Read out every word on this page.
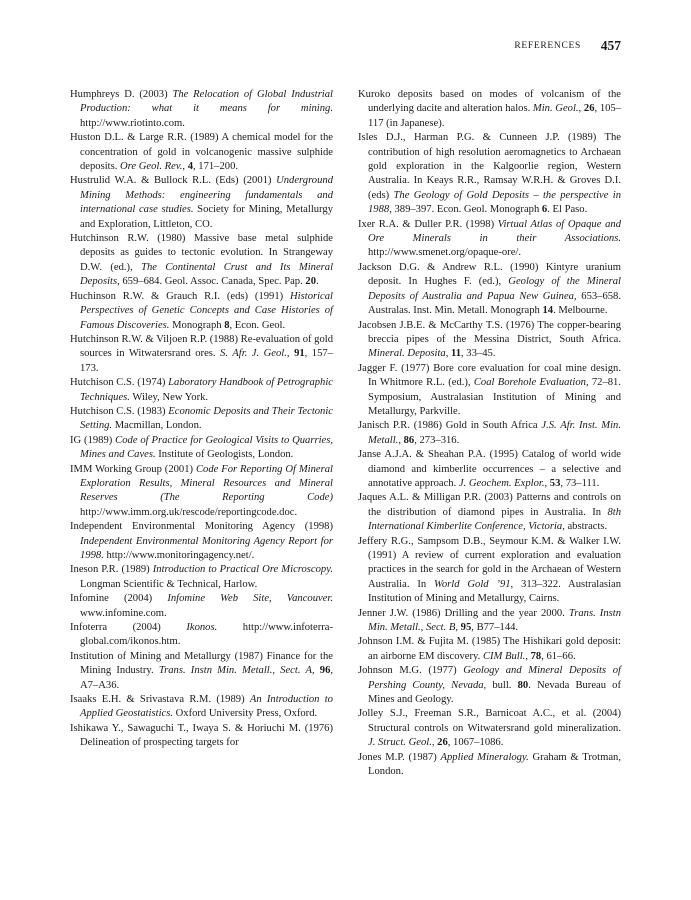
REFERENCES 457

Humphreys D. (2003) The Relocation of Global Industrial Production: what it means for mining. http://www.riotinto.com.

Huston D.L. & Large R.R. (1989) A chemical model for the concentration of gold in volcanogenic massive sulphide deposits. Ore Geol. Rev., 4, 171–200.

Hustrulid W.A. & Bullock R.L. (Eds) (2001) Underground Mining Methods: engineering fundamentals and international case studies. Society for Mining, Metallurgy and Exploration, Littleton, CO.

Hutchinson R.W. (1980) Massive base metal sulphide deposits as guides to tectonic evolution. In Strangeway D.W. (ed.), The Continental Crust and Its Mineral Deposits, 659–684. Geol. Assoc. Canada, Spec. Pap. 20.

Huchinson R.W. & Grauch R.I. (eds) (1991) Historical Perspectives of Genetic Concepts and Case Histories of Famous Discoveries. Monograph 8, Econ. Geol.

Hutchinson R.W. & Viljoen R.P. (1988) Re-evaluation of gold sources in Witwatersrand ores. S. Afr. J. Geol., 91, 157–173.

Hutchison C.S. (1974) Laboratory Handbook of Petrographic Techniques. Wiley, New York.

Hutchison C.S. (1983) Economic Deposits and Their Tectonic Setting. Macmillan, London.

IG (1989) Code of Practice for Geological Visits to Quarries, Mines and Caves. Institute of Geologists, London.

IMM Working Group (2001) Code For Reporting Of Mineral Exploration Results, Mineral Resources and Mineral Reserves (The Reporting Code) http://www.imm.org.uk/rescode/reportingcode.doc.

Independent Environmental Monitoring Agency (1998) Independent Environmental Monitoring Agency Report for 1998. http://www.monitoringagency.net/.

Ineson P.R. (1989) Introduction to Practical Ore Microscopy. Longman Scientific & Technical, Harlow.

Infomine (2004) Infomine Web Site, Vancouver. www.infomine.com.

Infoterra (2004) Ikonos. http://www.infoterra-global.com/ikonos.htm.

Institution of Mining and Metallurgy (1987) Finance for the Mining Industry. Trans. Instn Min. Metall., Sect. A, 96, A7–A36.

Isaaks E.H. & Srivastava R.M. (1989) An Introduction to Applied Geostatistics. Oxford University Press, Oxford.

Ishikawa Y., Sawaguchi T., Iwaya S. & Horiuchi M. (1976) Delineation of prospecting targets for

Kuroko deposits based on modes of volcanism of the underlying dacite and alteration halos. Min. Geol., 26, 105–117 (in Japanese).

Isles D.J., Harman P.G. & Cunneen J.P. (1989) The contribution of high resolution aeromagnetics to Archaean gold exploration in the Kalgoorlie region, Western Australia. In Keays R.R., Ramsay W.R.H. & Groves D.I. (eds) The Geology of Gold Deposits – the perspective in 1988, 389–397. Econ. Geol. Monograph 6. El Paso.

Ixer R.A. & Duller P.R. (1998) Virtual Atlas of Opaque and Ore Minerals in their Associations. http://www.smenet.org/opaque-ore/.

Jackson D.G. & Andrew R.L. (1990) Kintyre uranium deposit. In Hughes F. (ed.), Geology of the Mineral Deposits of Australia and Papua New Guinea, 653–658. Australas. Inst. Min. Metall. Monograph 14. Melbourne.

Jacobsen J.B.E. & McCarthy T.S. (1976) The copper-bearing breccia pipes of the Messina District, South Africa. Mineral. Deposita, 11, 33–45.

Jagger F. (1977) Bore core evaluation for coal mine design. In Whitmore R.L. (ed.), Coal Borehole Evaluation, 72–81. Symposium, Australasian Institution of Mining and Metallurgy, Parkville.

Janisch P.R. (1986) Gold in South Africa J.S. Afr. Inst. Min. Metall., 86, 273–316.

Janse A.J.A. & Sheahan P.A. (1995) Catalog of world wide diamond and kimberlite occurrences – a selective and annotative approach. J. Geochem. Explor., 53, 73–111.

Jaques A.L. & Milligan P.R. (2003) Patterns and controls on the distribution of diamond pipes in Australia. In 8th International Kimberlite Conference, Victoria, abstracts.

Jeffery R.G., Sampsom D.B., Seymour K.M. & Walker I.W. (1991) A review of current exploration and evaluation practices in the search for gold in the Archaean of Western Australia. In World Gold ’91, 313–322. Australasian Institution of Mining and Metallurgy, Cairns.

Jenner J.W. (1986) Drilling and the year 2000. Trans. Instn Min. Metall., Sect. B, 95, B77–144.

Johnson I.M. & Fujita M. (1985) The Hishikari gold deposit: an airborne EM discovery. CIM Bull., 78, 61–66.

Johnson M.G. (1977) Geology and Mineral Deposits of Pershing County, Nevada, bull. 80. Nevada Bureau of Mines and Geology.

Jolley S.J., Freeman S.R., Barnicoat A.C., et al. (2004) Structural controls on Witwatersrand gold mineralization. J. Struct. Geol., 26, 1067–1086.

Jones M.P. (1987) Applied Mineralogy. Graham & Trotman, London.
